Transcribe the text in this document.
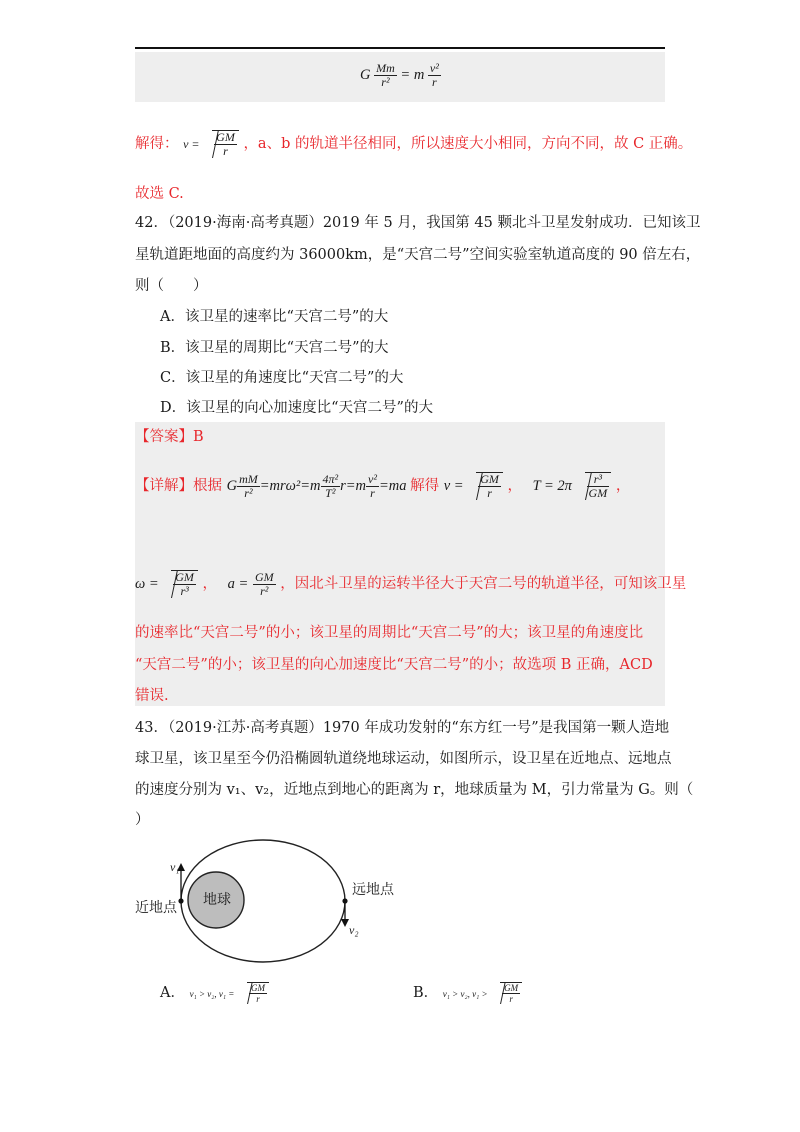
G $\frac{Mm}{\text{r²}} = m \frac{\text{v²}}{r}$
解得： $v = \frac{GM}{r}$ ，a、b 的轨道半径相同，所以速度大小相同，方向不同，故 C 正确。
故选 C.
42．（2019·海南·高考真题）2019 年 5 月，我国第 45 颗北斗卫星发射成功．已知该卫
星轨道距地面的高度约为 36000km，是“天宫二号”空间实验室轨道高度的 90 倍左右，
则（　　）
A．该卫星的速率比“天宫二号”的大
B．该卫星的周期比“天宫二号”的大
C．该卫星的角速度比“天宫二号”的大
D．该卫星的向心加速度比“天宫二号”的大
【答案】B
【详解】根据 G $\frac{mM}{\text{r²}} =mr\omega^2=m \frac{\text{4π²}}{\text{T²}} r=m \frac{\text{v²}}{r} =ma$ 解得 $v = \frac{GM}{r}$ ， $T = 2\pi \frac{\text{r³}}{GM}$ ，
$\omega = \frac{GM}{\text{r³}}$ ， $a = \frac{GM}{\text{r²}}$ ，因北斗卫星的运转半径大于天宫二号的轨道半径，可知该卫星
的速率比“天宫二号”的小；该卫星的周期比“天宫二号”的大；该卫星的角速度比
“天宫二号”的小；该卫星的向心加速度比“天宫二号”的小；故选项 B 正确，ACD
错误.
43．（2019·江苏·高考真题）1970 年成功发射的“东方红一号”是我国第一颗人造地
球卫星，该卫星至今仍沿椭圆轨道绕地球运动，如图所示，设卫星在近地点、远地点
的速度分别为 v₁、v₂，近地点到地心的距离为 r，地球质量为 M，引力常量为 G。则（
）
地球
近地点
远地点
v₁
v₂
A． v₁ > v₂, $v_1 = \frac{GM}{r}$	B． v₁ > v₂, $v_1 > \frac{GM}{r}$
